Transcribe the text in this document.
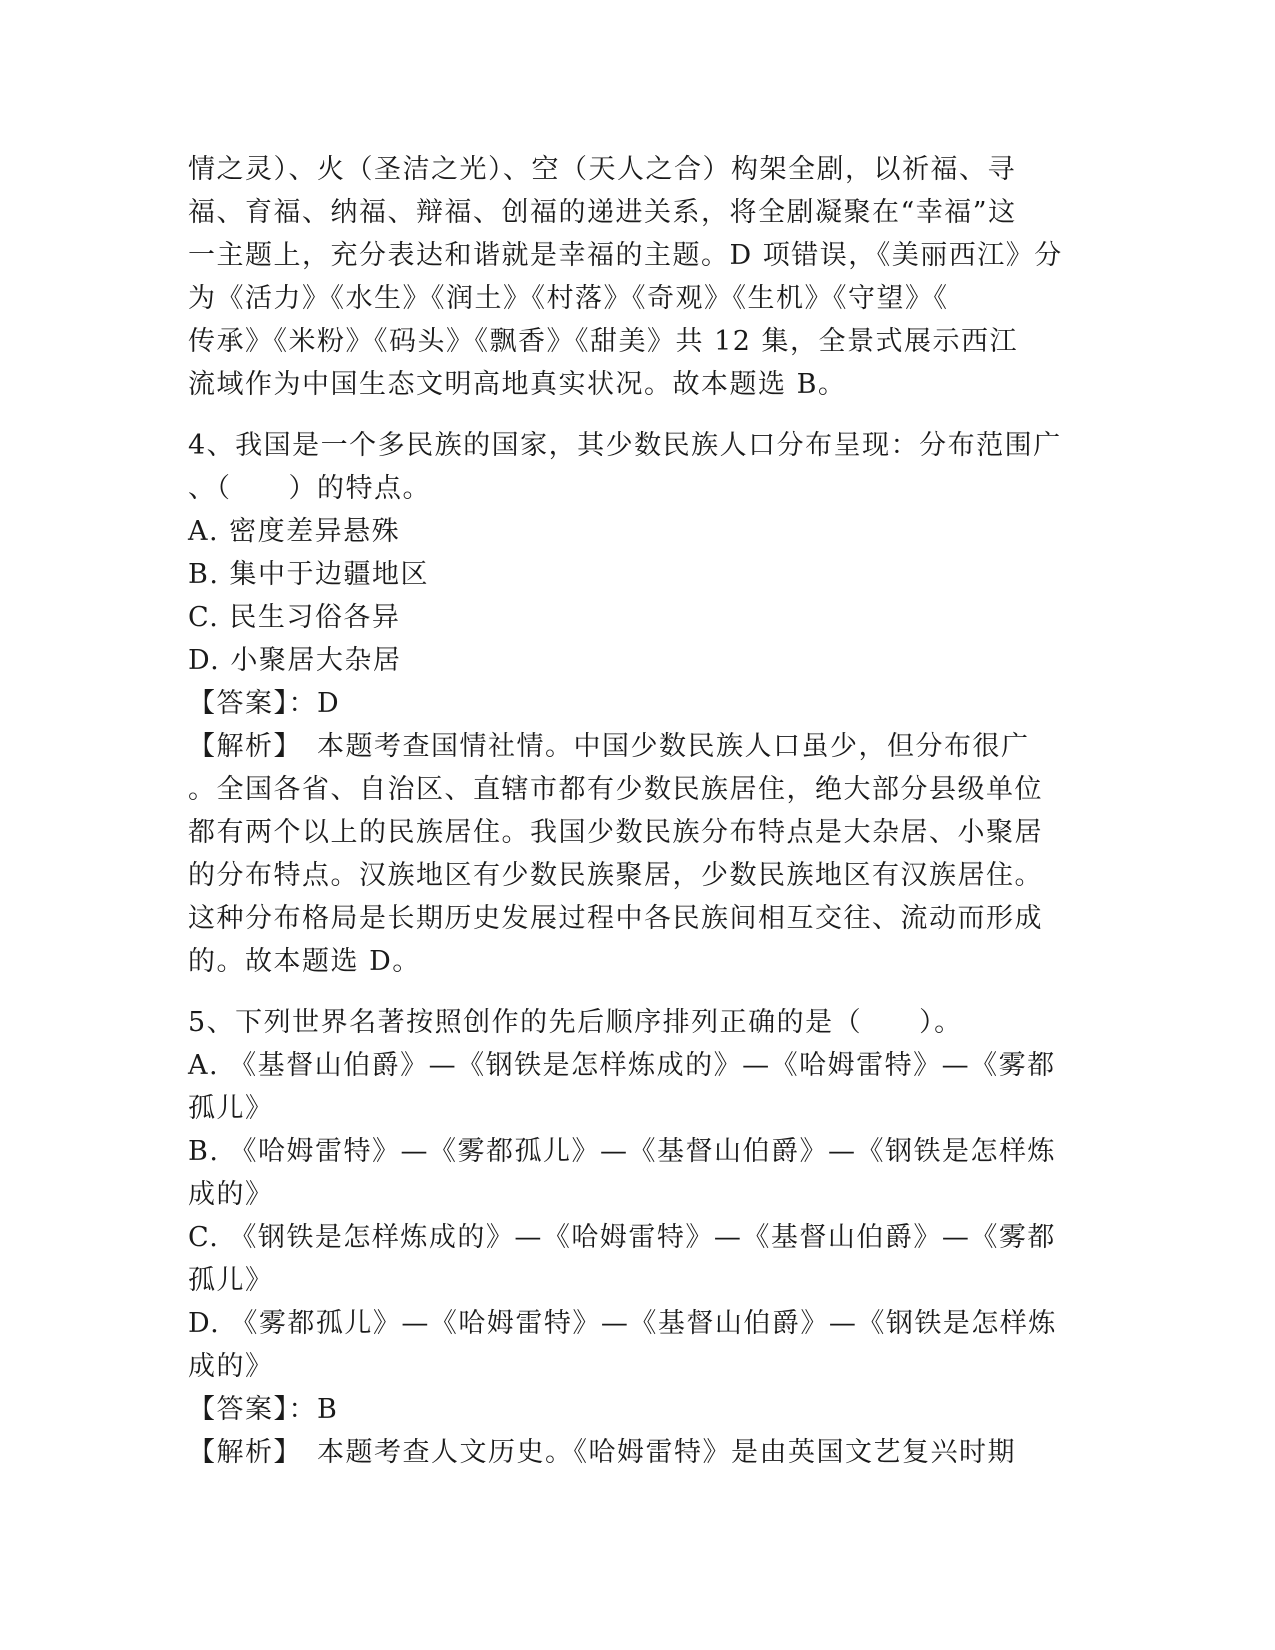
情之灵）、火（圣洁之光）、空（天人之合）构架全剧，以祈福、寻
福、育福、纳福、辩福、创福的递进关系，将全剧凝聚在“幸福”这
一主题上，充分表达和谐就是幸福的主题。D 项错误，《美丽西江》分
为《活力》《水生》《润土》《村落》《奇观》《生机》《守望》《
传承》《米粉》《码头》《飘香》《甜美》共 12 集，全景式展示西江
流域作为中国生态文明高地真实状况。故本题选 B。
4、我国是一个多民族的国家，其少数民族人口分布呈现：分布范围广
、（　　）的特点。
A. 密度差异悬殊
B. 集中于边疆地区
C. 民生习俗各异
D. 小聚居大杂居
【答案】：D
【解析】　本题考查国情社情。中国少数民族人口虽少，但分布很广
。全国各省、自治区、直辖市都有少数民族居住，绝大部分县级单位
都有两个以上的民族居住。我国少数民族分布特点是大杂居、小聚居
的分布特点。汉族地区有少数民族聚居，少数民族地区有汉族居住。
这种分布格局是长期历史发展过程中各民族间相互交往、流动而形成
的。故本题选 D。
5、下列世界名著按照创作的先后顺序排列正确的是（　　）。
A. 《基督山伯爵》—《钢铁是怎样炼成的》—《哈姆雷特》—《雾都
孤儿》
B. 《哈姆雷特》—《雾都孤儿》—《基督山伯爵》—《钢铁是怎样炼
成的》
C. 《钢铁是怎样炼成的》—《哈姆雷特》—《基督山伯爵》—《雾都
孤儿》
D. 《雾都孤儿》—《哈姆雷特》—《基督山伯爵》—《钢铁是怎样炼
成的》
【答案】：B
【解析】　本题考查人文历史。《哈姆雷特》是由英国文艺复兴时期
